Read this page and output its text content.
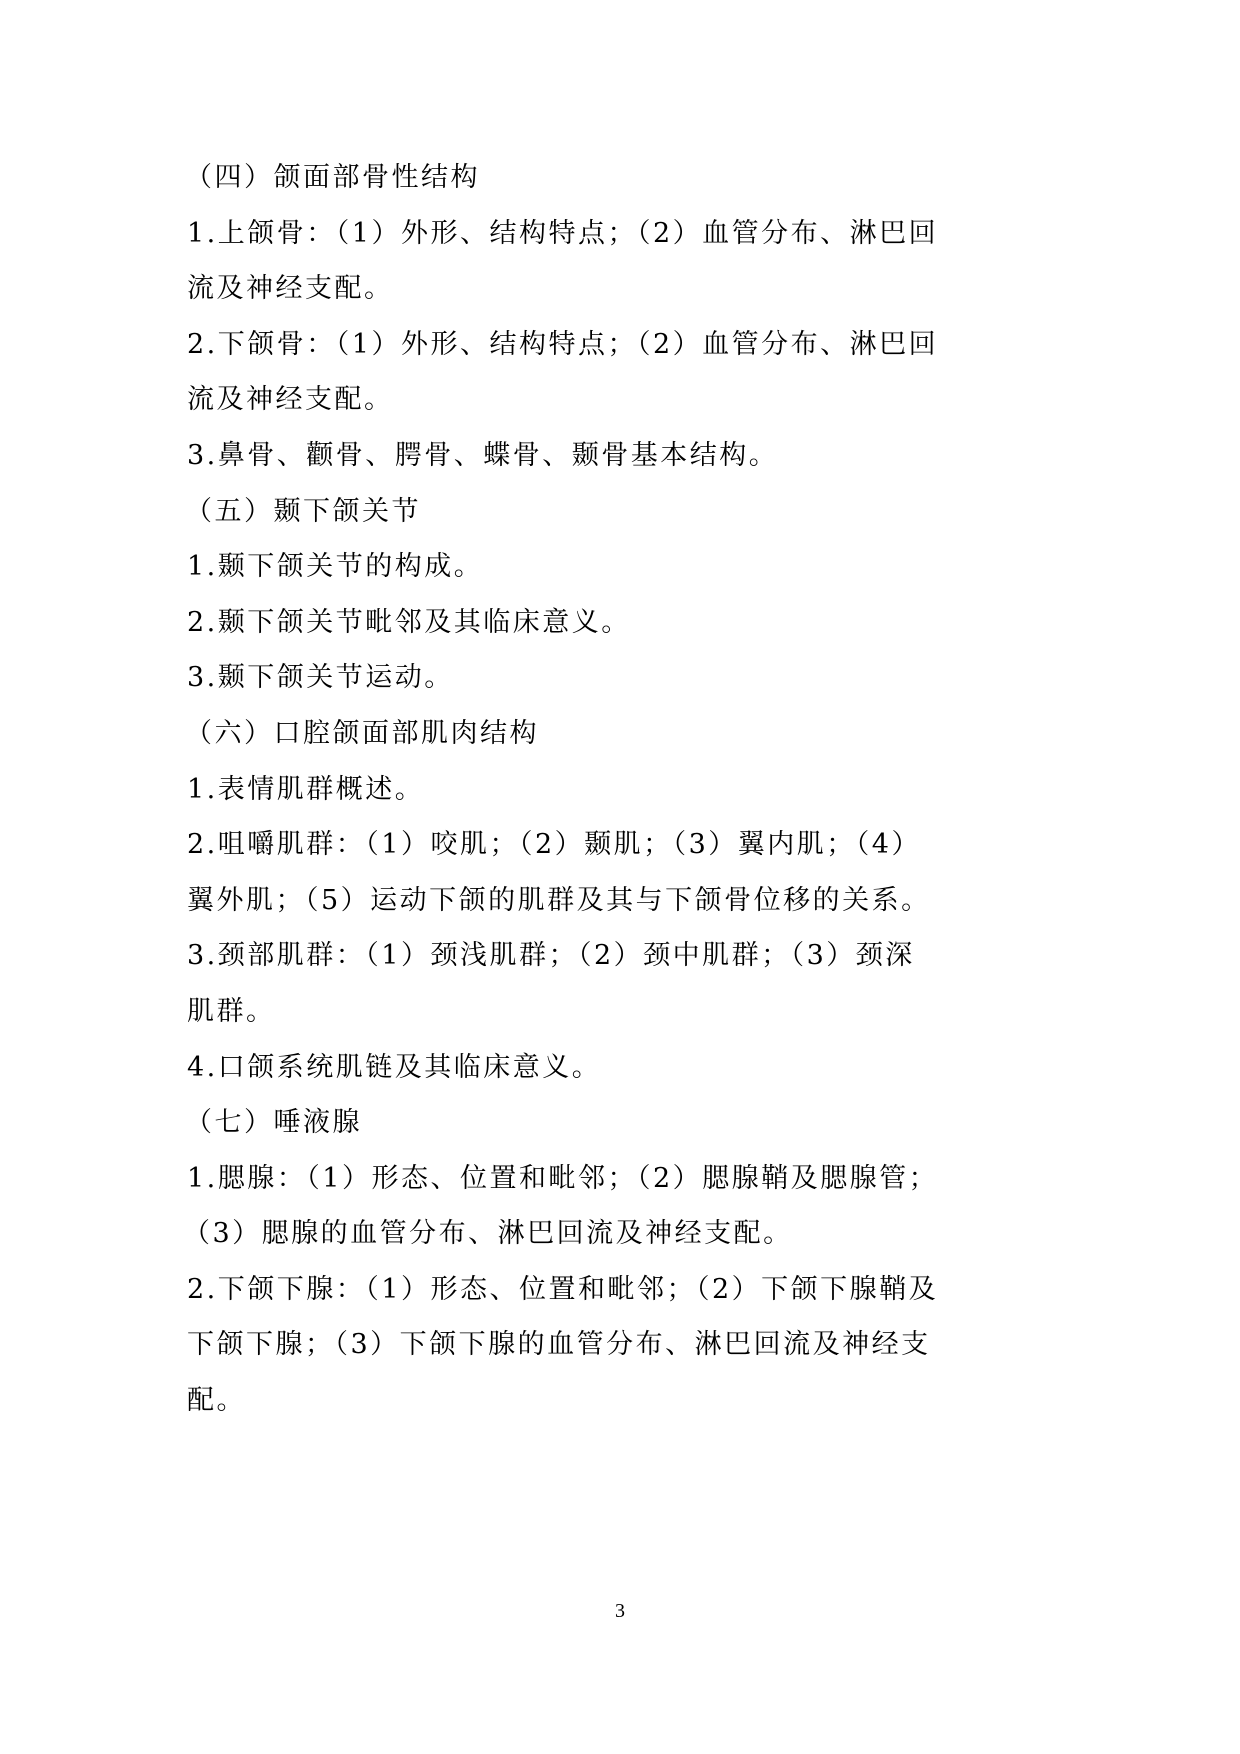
（四）颌面部骨性结构
1.上颌骨：（1）外形、结构特点；（2）血管分布、淋巴回
流及神经支配。
2.下颌骨：（1）外形、结构特点；（2）血管分布、淋巴回
流及神经支配。
3.鼻骨、颧骨、腭骨、蝶骨、颞骨基本结构。
（五）颞下颌关节
1.颞下颌关节的构成。
2.颞下颌关节毗邻及其临床意义。
3.颞下颌关节运动。
（六）口腔颌面部肌肉结构
1.表情肌群概述。
2.咀嚼肌群：（1）咬肌；（2）颞肌；（3）翼内肌；（4）
翼外肌；（5）运动下颌的肌群及其与下颌骨位移的关系。
3.颈部肌群：（1）颈浅肌群；（2）颈中肌群；（3）颈深
肌群。
4.口颌系统肌链及其临床意义。
（七）唾液腺
1.腮腺：（1）形态、位置和毗邻；（2）腮腺鞘及腮腺管；
（3）腮腺的血管分布、淋巴回流及神经支配。
2.下颌下腺：（1）形态、位置和毗邻；（2）下颌下腺鞘及
下颌下腺；（3）下颌下腺的血管分布、淋巴回流及神经支
配。
3
